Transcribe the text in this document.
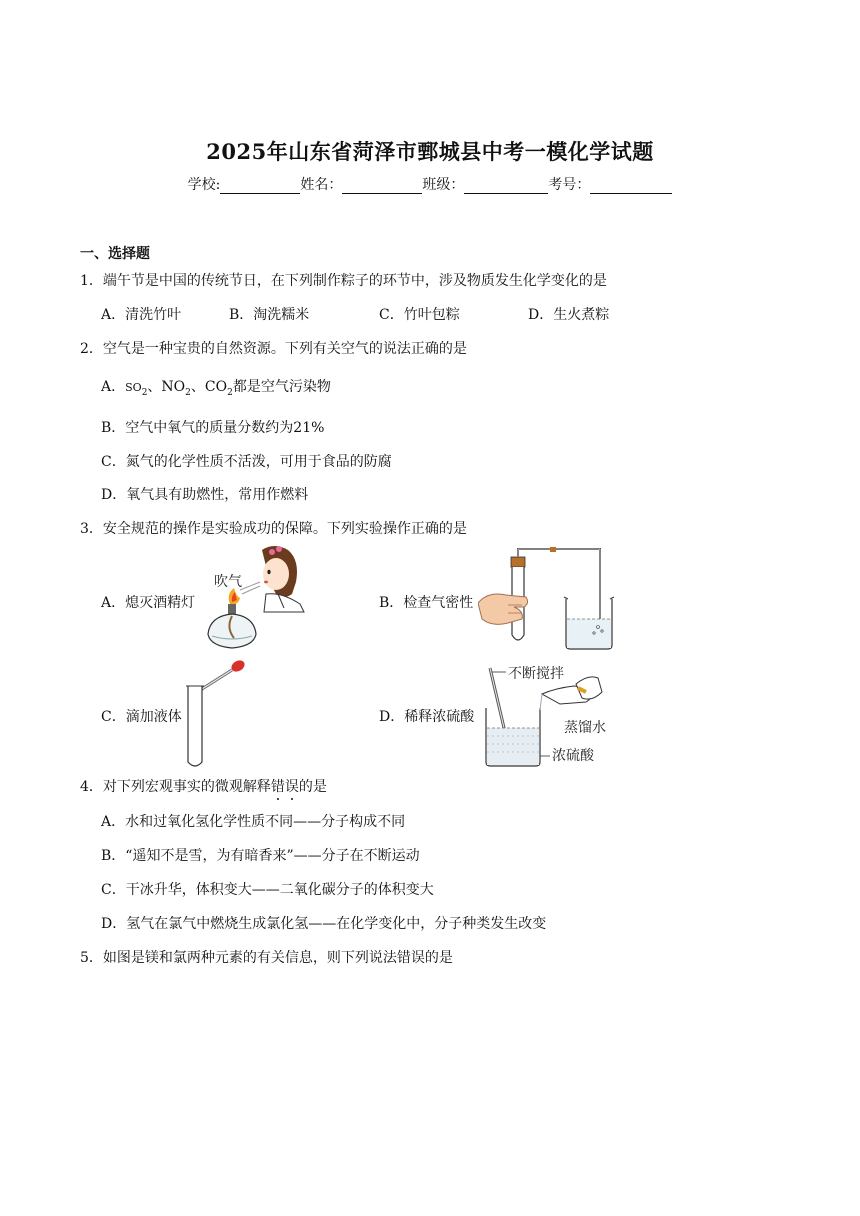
2025年山东省菏泽市鄄城县中考一模化学试题
学校:	姓名：	班级：	考号：
一、选择题
1．端午节是中国的传统节日，在下列制作粽子的环节中，涉及物质发生化学变化的是
A．清洗竹叶	B．淘洗糯米	C．竹叶包粽	D．生火煮粽
2．空气是一种宝贵的自然资源。下列有关空气的说法正确的是
A．$SO_2$、$NO_2$、$CO_2$都是空气污染物
B．空气中氧气的质量分数约为21%
C．氮气的化学性质不活泼，可用于食品的防腐
D．氧气具有助燃性，常用作燃料
3．安全规范的操作是实验成功的保障。下列实验操作正确的是
A．熄灭酒精灯	B．检查气密性
C．滴加液体	D．稀释浓硫酸
吹气
不断搅拌
蒸馏水
浓硫酸
4．对下列宏观事实的微观解释错误的是
A．水和过氧化氢化学性质不同——分子构成不同
B．“遥知不是雪，为有暗香来”——分子在不断运动
C．干冰升华，体积变大——二氧化碳分子的体积变大
D．氢气在氯气中燃烧生成氯化氢——在化学变化中，分子种类发生改变
5．如图是镁和氯两种元素的有关信息，则下列说法错误的是
